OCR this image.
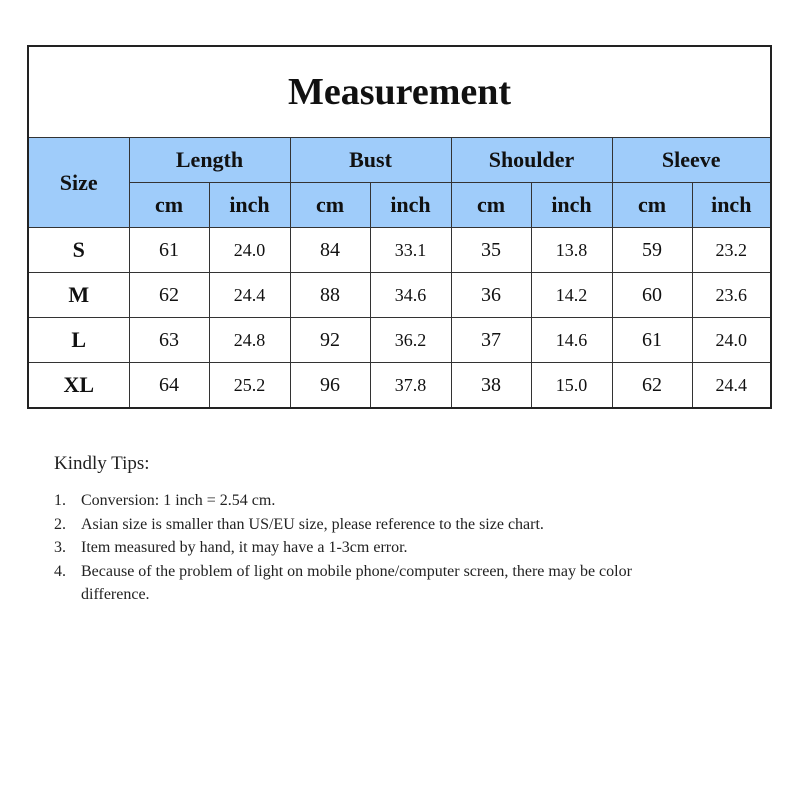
Measurement								
Size	Length		Bust		Shoulder		Sleeve	
	cm	inch	cm	inch	cm	inch	cm	inch
S	61	24.0	84	33.1	35	13.8	59	23.2
M	62	24.4	88	34.6	36	14.2	60	23.6
L	63	24.8	92	36.2	37	14.6	61	24.0
XL	64	25.2	96	37.8	38	15.0	62	24.4
Kindly Tips:
1. Conversion: 1 inch = 2.54 cm.
2. Asian size is smaller than US/EU size, please reference to the size chart.
3. Item measured by hand, it may have a 1-3cm error.
4. Because of the problem of light on mobile phone/computer screen, there may be color difference.
